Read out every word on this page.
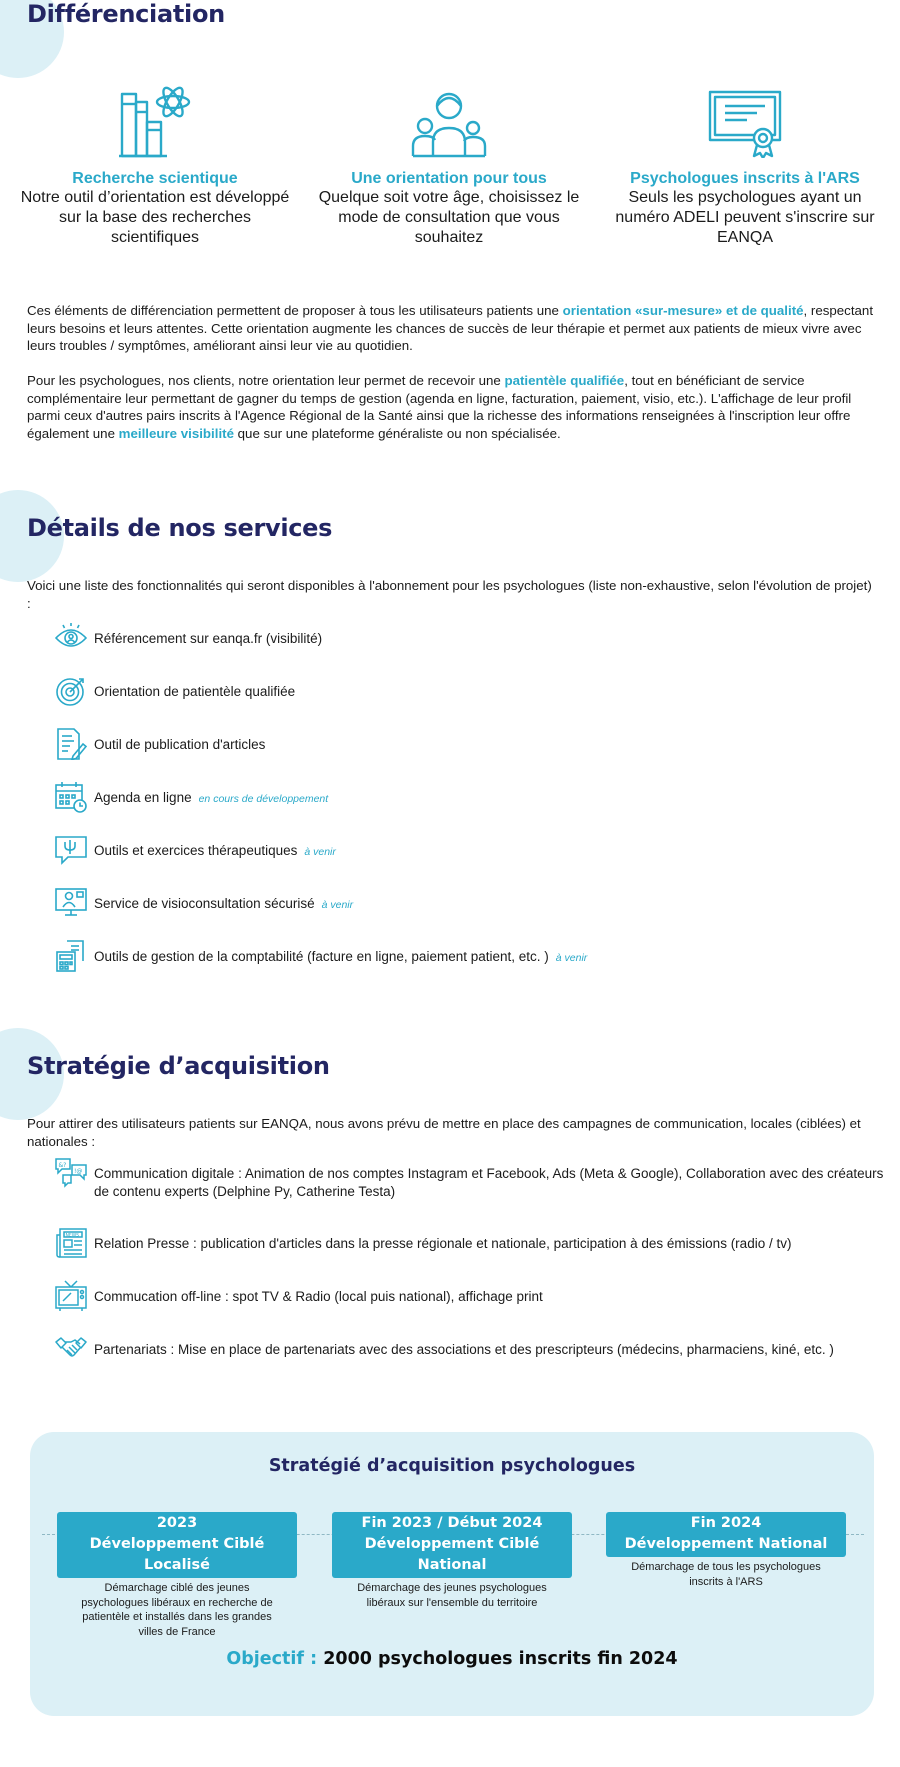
Différenciation
Recherche scientique
Notre outil d’orientation est développé sur la base des recherches scientifiques
Une orientation pour tous
Quelque soit votre âge, choisissez le mode de consultation que vous souhaitez
Psychologues inscrits à l'ARS
Seuls les psychologues ayant un numéro ADELI peuvent s'inscrire sur EANQA

Ces éléments de différenciation permettent de proposer à tous les utilisateurs patients une orientation «sur-mesure» et de qualité, respectant leurs besoins et leurs attentes. Cette orientation augmente les chances de succès de leur thérapie et permet aux patients de mieux vivre avec leurs troubles / symptômes, améliorant ainsi leur vie au quotidien.

Pour les psychologues, nos clients, notre orientation leur permet de recevoir une patientèle qualifiée, tout en bénéficiant de service complémentaire leur permettant de gagner du temps de gestion (agenda en ligne, facturation, paiement, visio, etc.). L'affichage de leur profil parmi ceux d'autres pairs inscrits à l'Agence Régional de la Santé ainsi que la richesse des informations renseignées à l'inscription leur offre également une meilleure visibilité que sur une plateforme généraliste ou non spécialisée.

Détails de nos services

Voici une liste des fonctionnalités qui seront disponibles à l'abonnement pour les psychologues (liste non-exhaustive, selon l'évolution de projet) :

Référencement sur eanqa.fr (visibilité)
Orientation de patientèle qualifiée
Outil de publication d'articles
Agenda en ligne en cours de développement
Outils et exercices thérapeutiques à venir
Service de visioconsultation sécurisé à venir
Outils de gestion de la comptabilité (facture en ligne, paiement patient, etc. ) à venir
Stratégie d’acquisition

Pour attirer des utilisateurs patients sur EANQA, nous avons prévu de mettre en place des campagnes de communication, locales (ciblées) et nationales :

&?
!@ Communication digitale : Animation de nos comptes Instagram et Facebook, Ads (Meta & Google), Collaboration avec des créateurs de contenu experts (Delphine Py, Catherine Testa)
NEWS
Relation Presse : publication d'articles dans la presse régionale et nationale, participation à des émissions (radio / tv)
Commucation off-line : spot TV & Radio (local puis national), affichage print
Partenariats : Mise en place de partenariats avec des associations et des prescripteurs (médecins, pharmaciens, kiné, etc. )
Stratégié d’acquisition psychologues
2023
Développement Ciblé Localisé
Démarchage ciblé des jeunes psychologues libéraux en recherche de patientèle et installés dans les grandes villes de France
Fin 2023 / Début 2024
Développement Ciblé National
Démarchage des jeunes psychologues libéraux sur l'ensemble du territoire
Fin 2024
Développement National
Démarchage de tous les psychologues inscrits à l'ARS
Objectif : 2000 psychologues inscrits fin 2024
